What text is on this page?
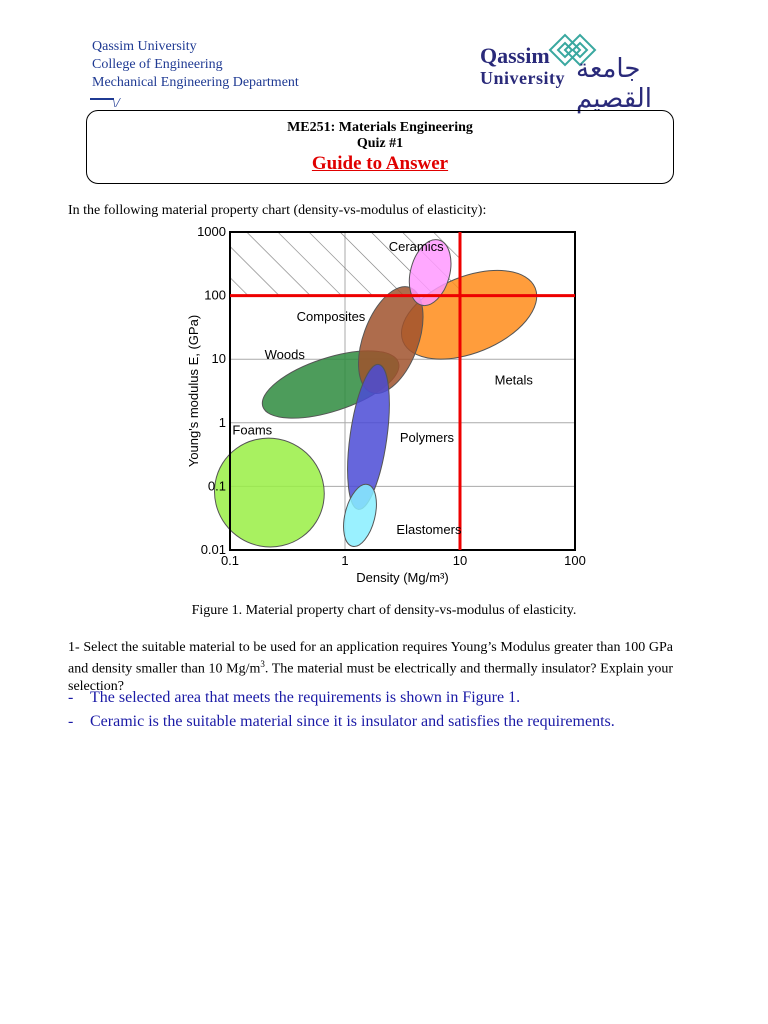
Qassim University
College of Engineering
Mechanical Engineering Department
\/
Qassim
University جامعة القصيم
ME251: Materials Engineering
Quiz #1
Guide to Answer
In the following material property chart (density-vs-modulus of elasticity):
0.1	1	10	100
0.01
0.1
1
10
100
1000
Ceramics
Composites
Woods
Metals
Foams	Polymers
Elastomers
Density (Mg/m³)
Young's modulus E, (GPa)
Figure 1. Material property chart of density-vs-modulus of elasticity.
1- Select the suitable material to be used for an application requires Young’s Modulus greater than 100 GPa and density smaller than 10 $Mg/m^3$. The material must be electrically and thermally insulator? Explain your selection?
- The selected area that meets the requirements is shown in Figure 1.
- Ceramic is the suitable material since it is insulator and satisfies the requirements.
